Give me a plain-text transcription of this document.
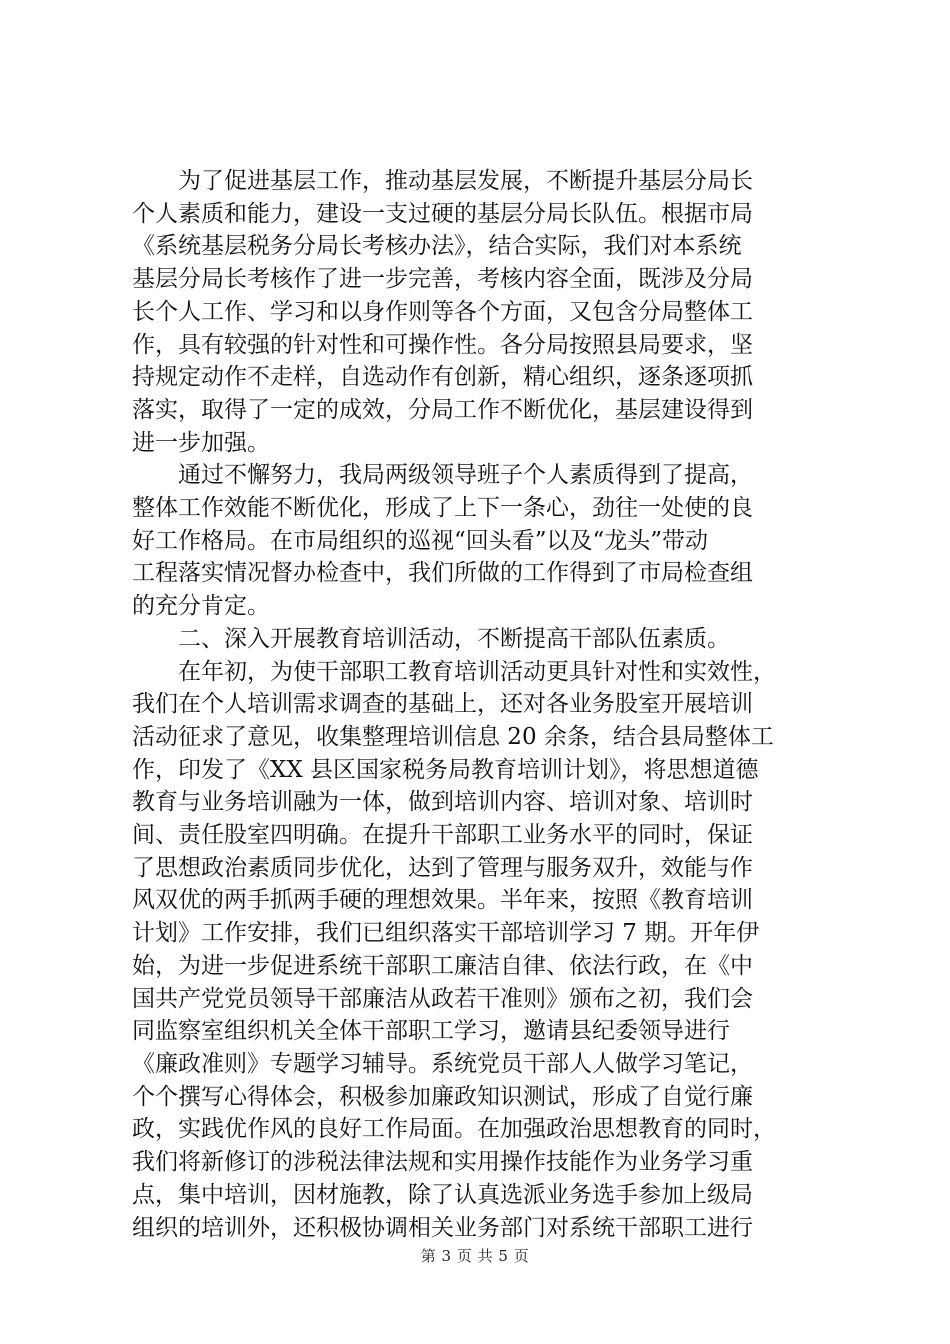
为了促进基层工作，推动基层发展，不断提升基层分局长
个人素质和能力，建设一支过硬的基层分局长队伍。根据市局
《系统基层税务分局长考核办法》，结合实际，我们对本系统
基层分局长考核作了进一步完善，考核内容全面，既涉及分局
长个人工作、学习和以身作则等各个方面，又包含分局整体工
作，具有较强的针对性和可操作性。各分局按照县局要求，坚
持规定动作不走样，自选动作有创新，精心组织，逐条逐项抓
落实，取得了一定的成效，分局工作不断优化，基层建设得到
进一步加强。
通过不懈努力，我局两级领导班子个人素质得到了提高，
整体工作效能不断优化，形成了上下一条心，劲往一处使的良
好工作格局。在市局组织的巡视“回头看”以及“龙头”带动
工程落实情况督办检查中，我们所做的工作得到了市局检查组
的充分肯定。
二、深入开展教育培训活动，不断提高干部队伍素质。
在年初，为使干部职工教育培训活动更具针对性和实效性，
我们在个人培训需求调查的基础上，还对各业务股室开展培训
活动征求了意见，收集整理培训信息 20 余条，结合县局整体工
作，印发了《XX 县区国家税务局教育培训计划》，将思想道德
教育与业务培训融为一体，做到培训内容、培训对象、培训时
间、责任股室四明确。在提升干部职工业务水平的同时，保证
了思想政治素质同步优化，达到了管理与服务双升，效能与作
风双优的两手抓两手硬的理想效果。半年来，按照《教育培训
计划》工作安排，我们已组织落实干部培训学习 7 期。开年伊
始，为进一步促进系统干部职工廉洁自律、依法行政，在《中
国共产党党员领导干部廉洁从政若干准则》颁布之初，我们会
同监察室组织机关全体干部职工学习，邀请县纪委领导进行
《廉政准则》专题学习辅导。系统党员干部人人做学习笔记，
个个撰写心得体会，积极参加廉政知识测试，形成了自觉行廉
政，实践优作风的良好工作局面。在加强政治思想教育的同时，
我们将新修订的涉税法律法规和实用操作技能作为业务学习重
点，集中培训，因材施教，除了认真选派业务选手参加上级局
组织的培训外，还积极协调相关业务部门对系统干部职工进行
第 3 页 共 5 页
